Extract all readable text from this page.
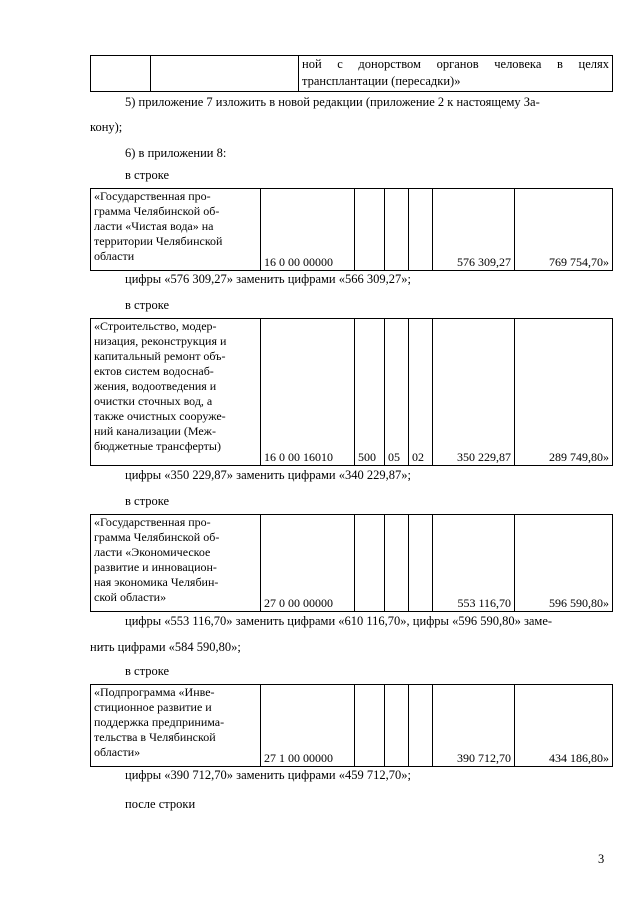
		ной с донорством органов человека в целях трансплантации (пересадки)»
5) приложение 7 изложить в новой редакции (приложение 2 к настоящему За-
кону);
6) в приложении 8:
в строке
«Государственная про-
грамма Челябинской об-
ласти «Чистая вода» на
территории Челябинской
области	16 0 00 00000				576 309,27	769 754,70»
цифры «576 309,27» заменить цифрами «566 309,27»;
в строке
«Строительство, модер-
низация, реконструкция и
капитальный ремонт объ-
ектов систем водоснаб-
жения, водоотведения и
очистки сточных вод, а
также очистных сооруже-
ний канализации (Меж-
бюджетные трансферты)
	16 0 00 16010	500	05	02	350 229,87	289 749,80»
цифры «350 229,87» заменить цифрами «340 229,87»;
в строке
«Государственная про-
грамма Челябинской об-
ласти «Экономическое
развитие и инновацион-
ная экономика Челябин-
ской области»	27 0 00 00000				553 116,70	596 590,80»
цифры «553 116,70» заменить цифрами «610 116,70», цифры «596 590,80» заме-
нить цифрами «584 590,80»;
в строке
«Подпрограмма «Инве-
стиционное развитие и
поддержка предпринима-
тельства в Челябинской
области»	27 1 00 00000				390 712,70	434 186,80»
цифры «390 712,70» заменить цифрами «459 712,70»;
после строки
3
